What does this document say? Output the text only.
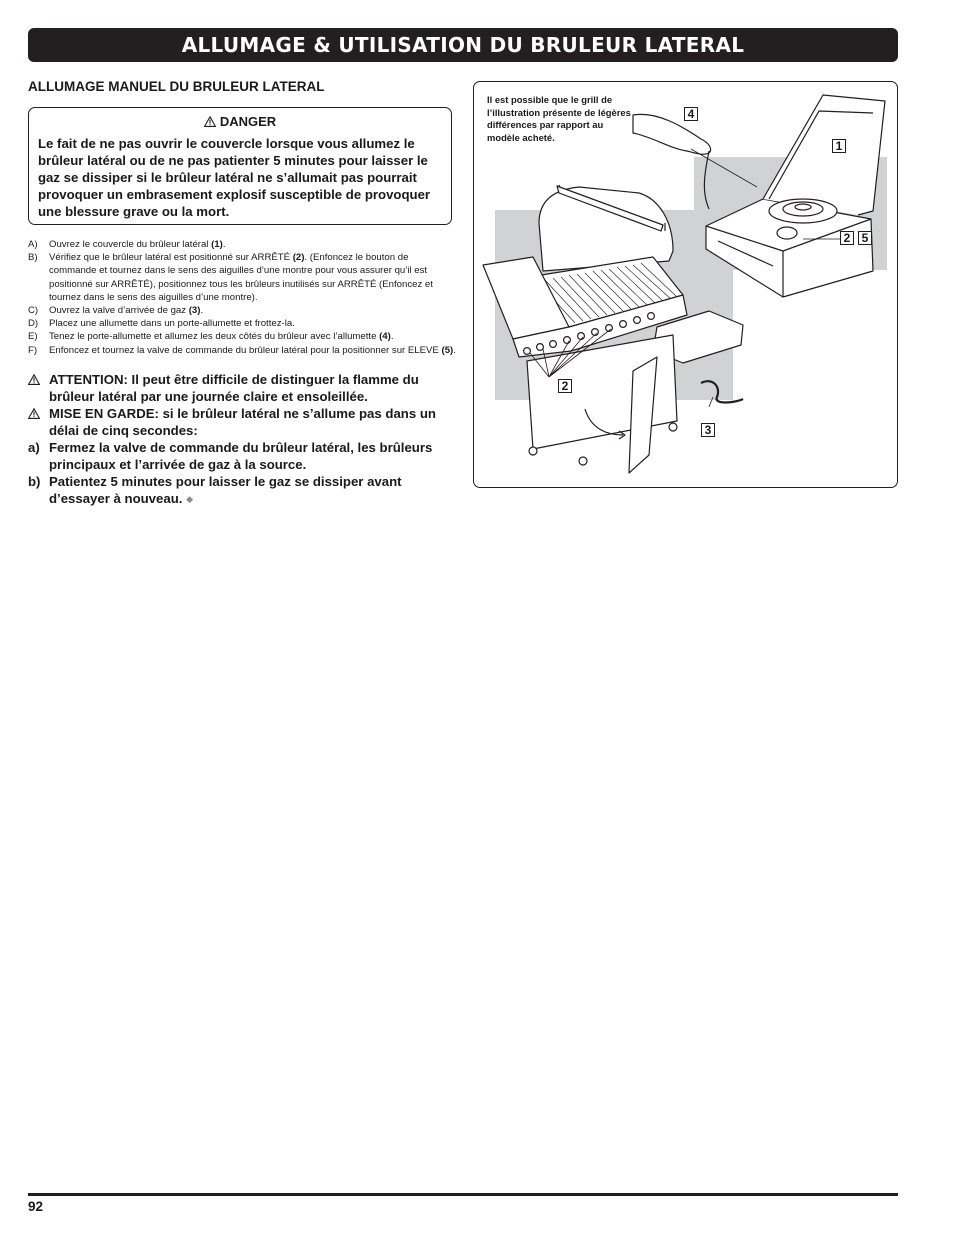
ALLUMAGE & UTILISATION DU BRULEUR LATERAL
ALLUMAGE MANUEL DU BRULEUR LATERAL
DANGER
Le fait de ne pas ouvrir le couvercle lorsque vous allumez le brûleur latéral ou de ne pas patienter 5 minutes pour laisser le gaz se dissiper si le brûleur latéral ne s’allumait pas pourrait provoquer un embrasement explosif susceptible de provoquer une blessure grave ou la mort.
A)	Ouvrez le couvercle du brûleur latéral (1).
B)	Vérifiez que le brûleur latéral est positionné sur ARRÊTÉ (2). (Enfoncez le bouton de commande et tournez dans le sens des aiguilles d’une montre pour vous assurer qu’il est positionné sur ARRÊTÉ), positionnez tous les brûleurs inutilisés sur ARRÊTÉ (Enfoncez et tournez dans le sens des aiguilles d’une montre).
C)	Ouvrez la valve d’arrivée de gaz (3).
D)	Placez une allumette dans un porte-allumette et frottez-la.
E)	Tenez le porte-allumette et allumez les deux côtés du brûleur avec l’allumette (4).
F)	Enfoncez et tournez la valve de commande du brûleur latéral pour la positionner sur ELEVE (5).
ATTENTION: Il peut être difficile de distinguer la flamme du brûleur latéral par une journée claire et ensoleillée.
MISE EN GARDE: si le brûleur latéral ne s’allume pas dans un délai de cinq secondes:
a) Fermez la valve de commande du brûleur latéral, les brûleurs principaux et l’arrivée de gaz à la source.
b) Patientez 5 minutes pour laisser le gaz se dissiper avant d’essayer à nouveau. ◆
Il est possible que le grill de l’illustration présente de légères différences par rapport au modèle acheté.
4
1
2 5
2
3
92
